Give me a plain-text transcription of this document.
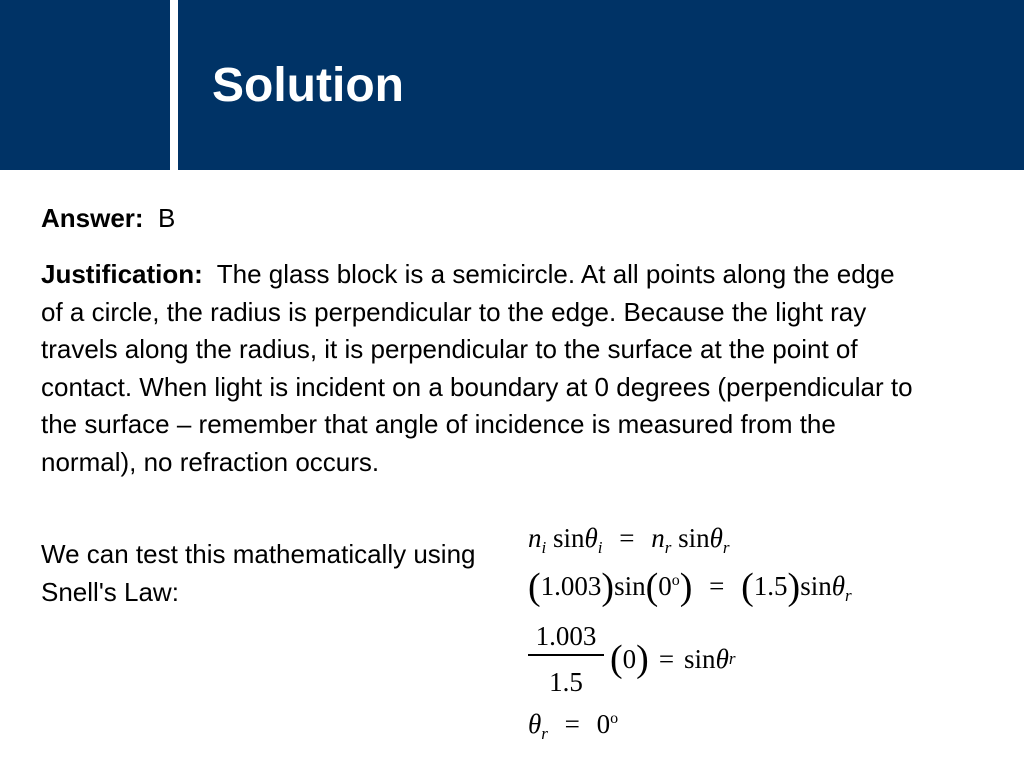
Solution

Answer: B

Justification: The glass block is a semicircle. At all points along the edge of a circle, the radius is perpendicular to the edge. Because the light ray travels along the radius, it is perpendicular to the surface at the point of contact. When light is incident on a boundary at 0 degrees (perpendicular to the surface – remember that angle of incidence is measured from the normal), no refraction occurs.

We can test this mathematically using Snell's Law:

$n_i$ $\sin\theta_i = n_r$ sinθ$_r$
$(1.003)\sin(0^o) = (1.5)\sin\theta_r$
$\frac{1.003}{1.5}$ ( 0 ) = sin θ r
$\theta_r = 0^o$
